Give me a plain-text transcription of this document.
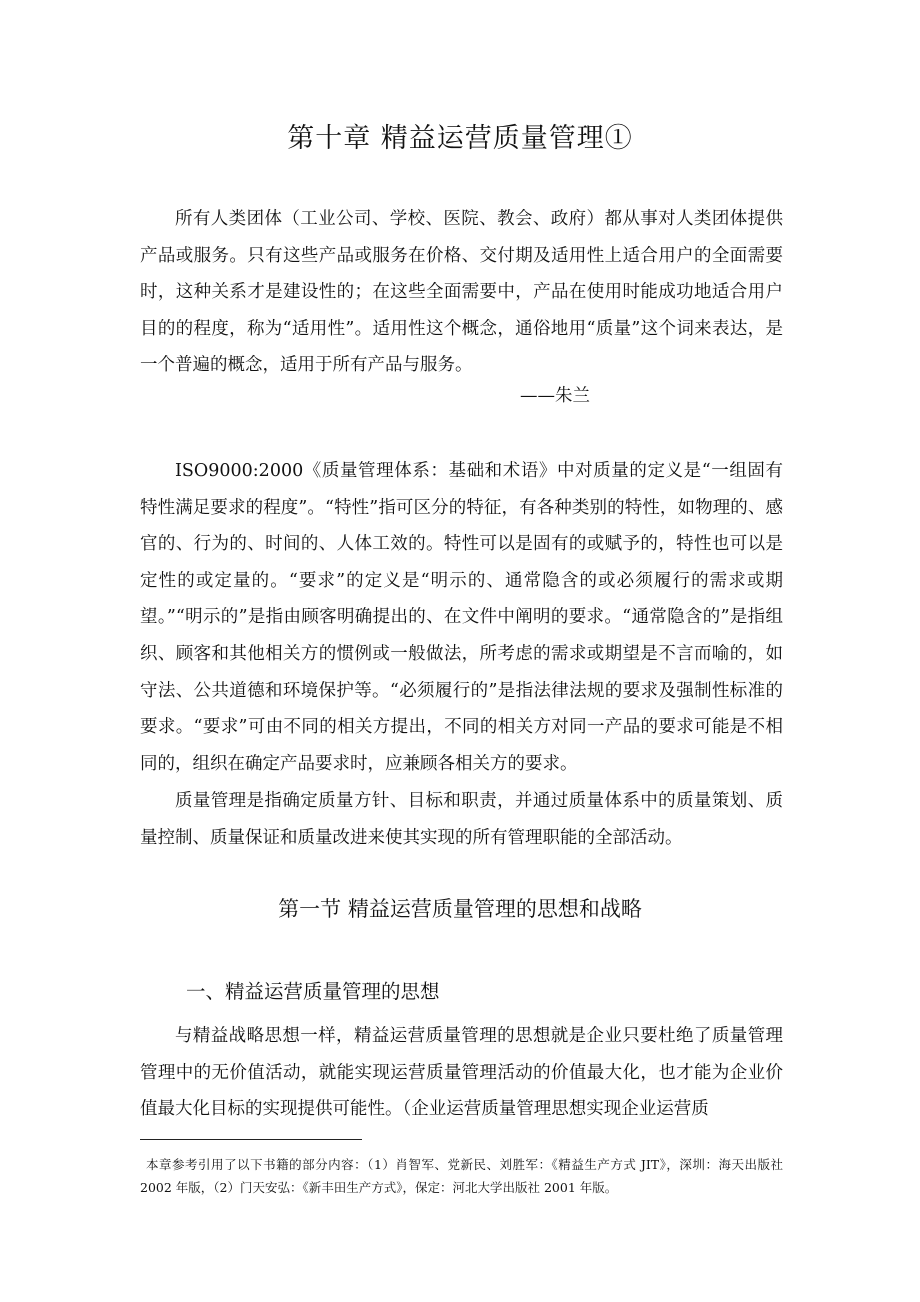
第十章 精益运营质量管理①

所有人类团体（工业公司、学校、医院、教会、政府）都从事对人类团体提供产品或服务。只有这些产品或服务在价格、交付期及适用性上适合用户的全面需要时，这种关系才是建设性的；在这些全面需要中，产品在使用时能成功地适合用户目的的程度，称为“适用性”。适用性这个概念，通俗地用“质量”这个词来表达，是一个普遍的概念，适用于所有产品与服务。

——朱兰

ISO9000:2000《质量管理体系：基础和术语》中对质量的定义是“一组固有特性满足要求的程度”。“特性”指可区分的特征，有各种类别的特性，如物理的、感官的、行为的、时间的、人体工效的。特性可以是固有的或赋予的，特性也可以是定性的或定量的。“要求”的定义是“明示的、通常隐含的或必须履行的需求或期望。”“明示的”是指由顾客明确提出的、在文件中阐明的要求。“通常隐含的”是指组织、顾客和其他相关方的惯例或一般做法，所考虑的需求或期望是不言而喻的，如守法、公共道德和环境保护等。“必须履行的”是指法律法规的要求及强制性标准的要求。“要求”可由不同的相关方提出，不同的相关方对同一产品的要求可能是不相同的，组织在确定产品要求时，应兼顾各相关方的要求。

质量管理是指确定质量方针、目标和职责，并通过质量体系中的质量策划、质量控制、质量保证和质量改进来使其实现的所有管理职能的全部活动。

第一节 精益运营质量管理的思想和战略
一、精益运营质量管理的思想

与精益战略思想一样，精益运营质量管理的思想就是企业只要杜绝了质量管理管理中的无价值活动，就能实现运营质量管理活动的价值最大化，也才能为企业价值最大化目标的实现提供可能性。（企业运营质量管理思想实现企业运营质

本章参考引用了以下书籍的部分内容：（1）肖智军、党新民、刘胜军：《精益生产方式 JIT》，深圳：海天出版社 2002 年版，（2）门天安弘：《新丰田生产方式》，保定：河北大学出版社 2001 年版。
